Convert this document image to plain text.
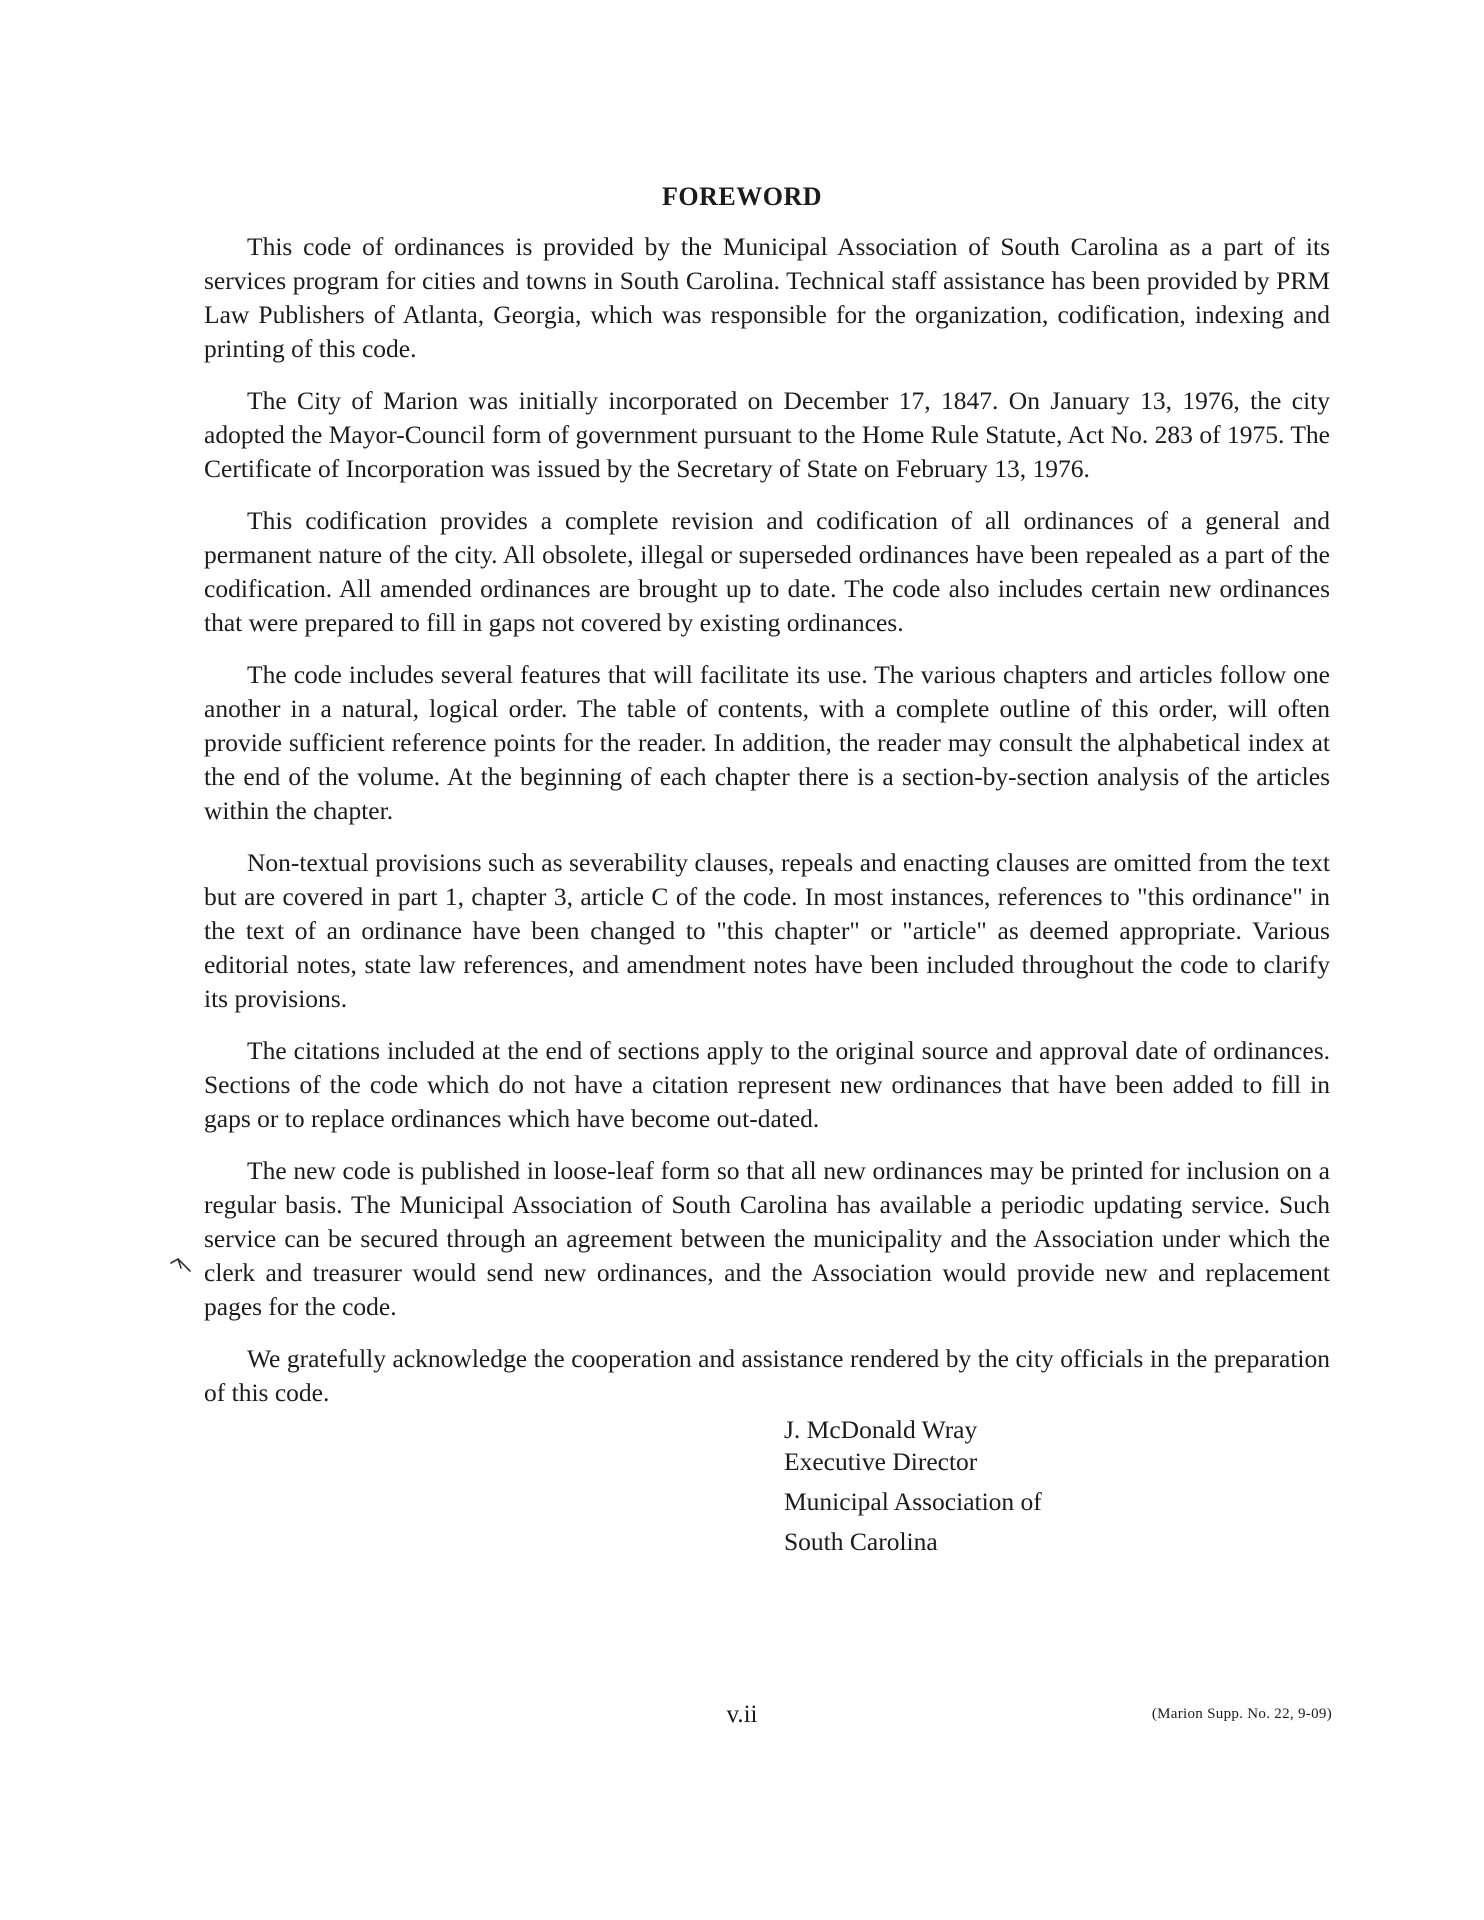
FOREWORD

This code of ordinances is provided by the Municipal Association of South Carolina as a part of its services program for cities and towns in South Carolina. Technical staff assistance has been provided by PRM Law Publishers of Atlanta, Georgia, which was responsible for the organization, codification, indexing and printing of this code.

The City of Marion was initially incorporated on December 17, 1847. On January 13, 1976, the city adopted the Mayor-Council form of government pursuant to the Home Rule Statute, Act No. 283 of 1975. The Certificate of Incorporation was issued by the Secretary of State on February 13, 1976.

This codification provides a complete revision and codification of all ordinances of a general and permanent nature of the city. All obsolete, illegal or superseded ordinances have been repealed as a part of the codification. All amended ordinances are brought up to date. The code also includes certain new ordinances that were prepared to fill in gaps not covered by existing ordinances.

The code includes several features that will facilitate its use. The various chapters and articles follow one another in a natural, logical order. The table of contents, with a complete outline of this order, will often provide sufficient reference points for the reader. In addition, the reader may consult the alphabetical index at the end of the volume. At the beginning of each chapter there is a section-by-section analysis of the articles within the chapter.

Non-textual provisions such as severability clauses, repeals and enacting clauses are omitted from the text but are covered in part 1, chapter 3, article C of the code. In most instances, references to "this ordinance" in the text of an ordinance have been changed to "this chapter" or "article" as deemed appropriate. Various editorial notes, state law references, and amendment notes have been included throughout the code to clarify its provisions.

The citations included at the end of sections apply to the original source and approval date of ordinances. Sections of the code which do not have a citation represent new ordinances that have been added to fill in gaps or to replace ordinances which have become out-dated.

The new code is published in loose-leaf form so that all new ordinances may be printed for inclusion on a regular basis. The Municipal Association of South Carolina has available a periodic updating service. Such service can be secured through an agreement between the municipality and the Association under which the clerk and treasurer would send new ordinances, and the Association would provide new and replacement pages for the code.

We gratefully acknowledge the cooperation and assistance rendered by the city officials in the preparation of this code.

J. McDonald Wray
Executive Director
Municipal Association of
South Carolina
v.ii	(Marion Supp. No. 22, 9-09)
